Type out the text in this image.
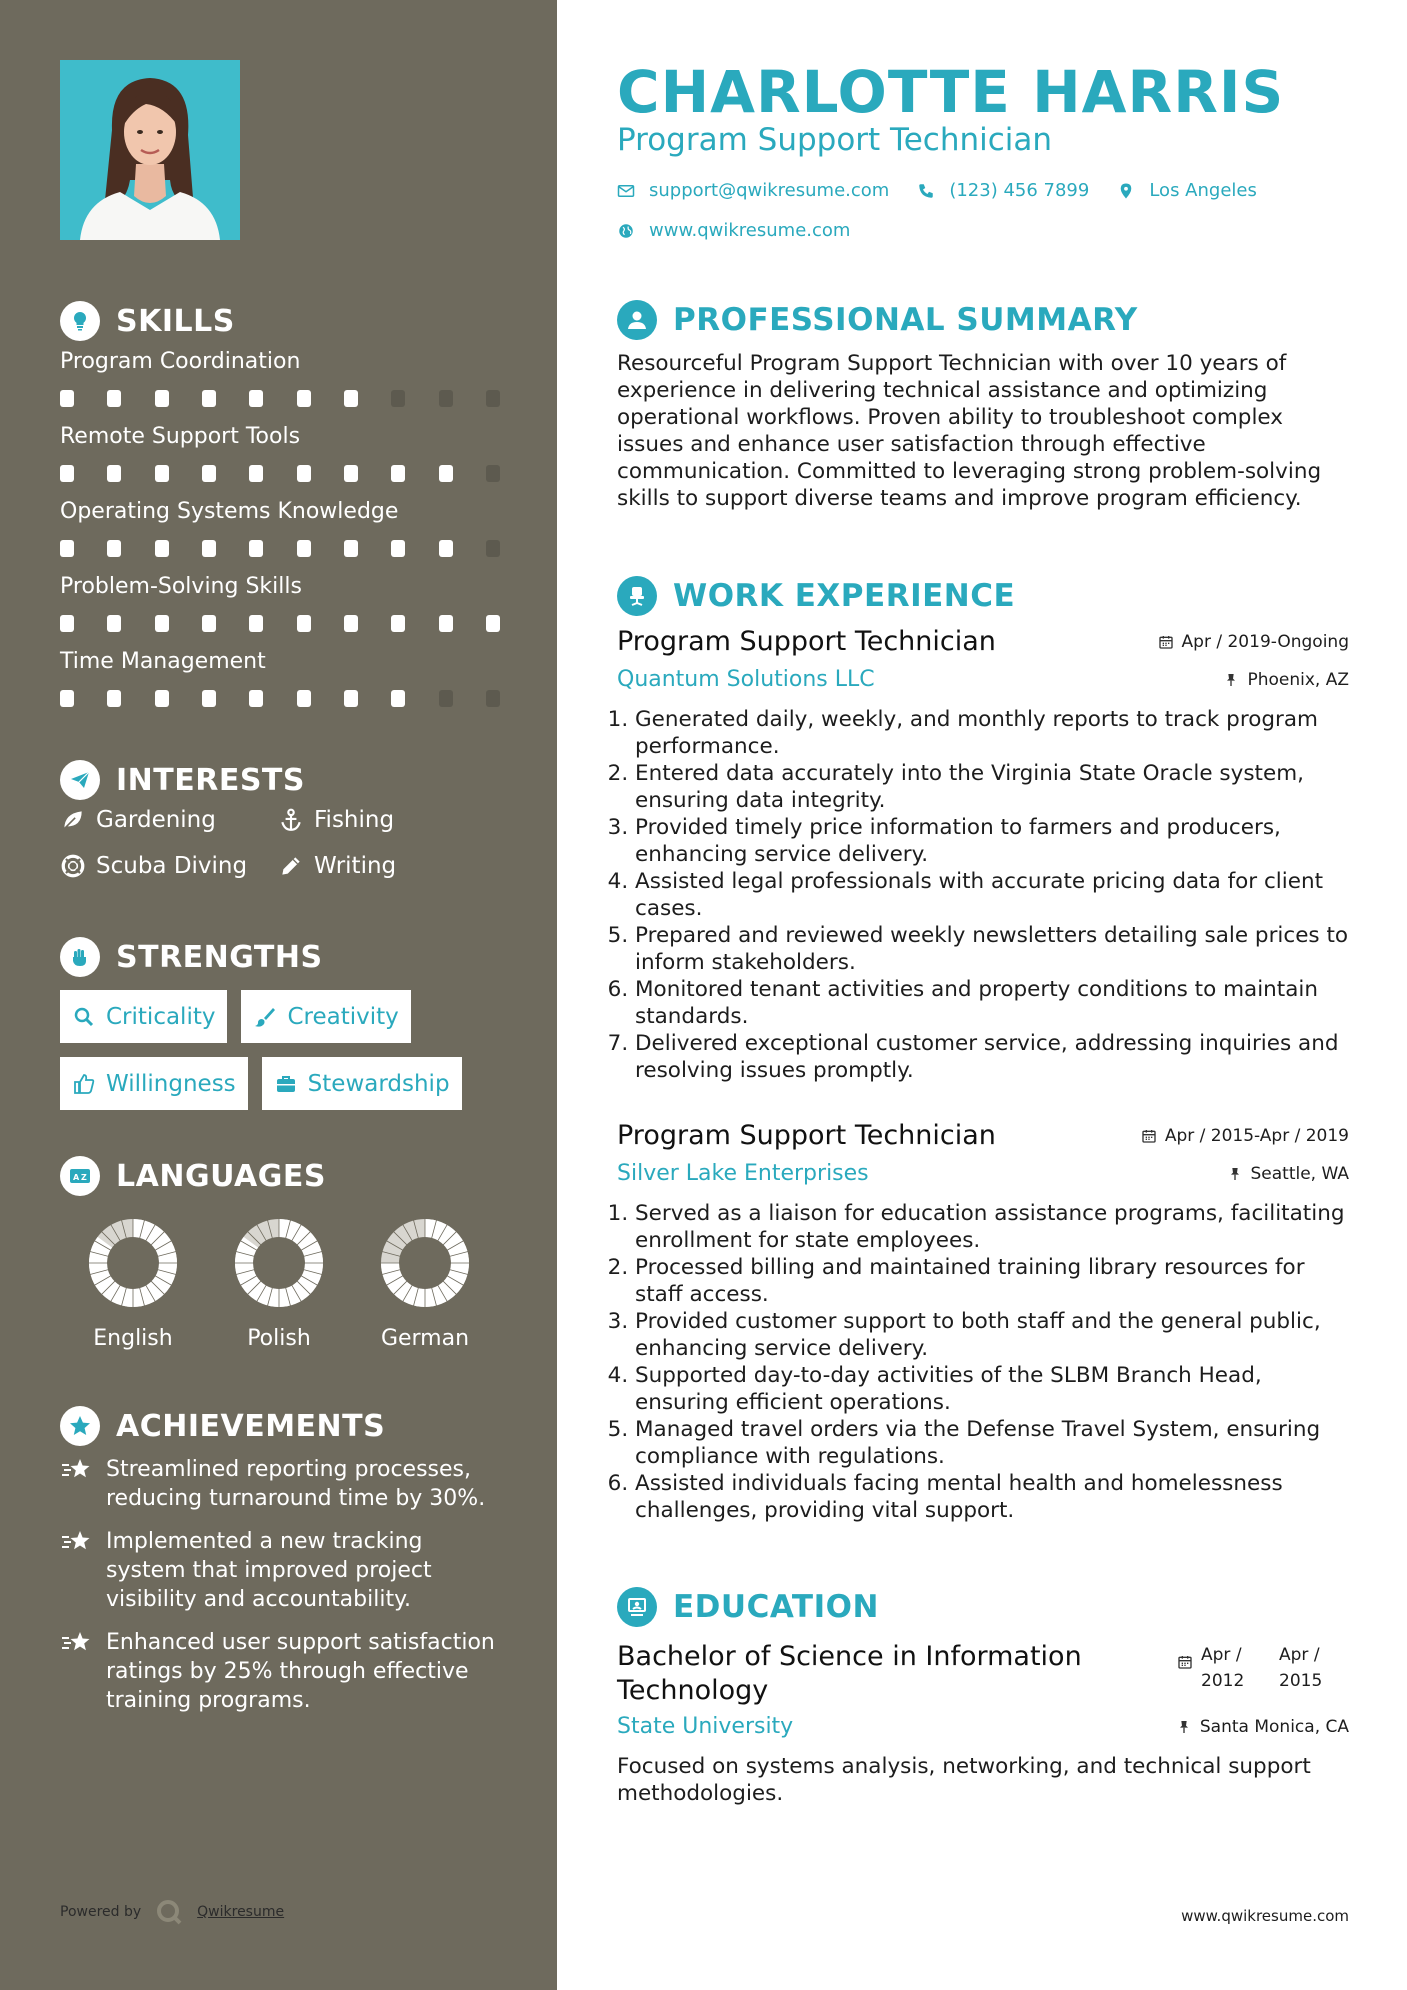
SKILLS
Program Coordination
Remote Support Tools
Operating Systems Knowledge
Problem-Solving Skills
Time Management
INTERESTS
Gardening	Fishing
Scuba Diving	Writing
STRENGTHS
Criticality	Creativity
Willingness	Stewardship
A Z LANGUAGES
English	Polish	German
ACHIEVEMENTS
Streamlined reporting processes, reducing turnaround time by 30%.
Implemented a new tracking system that improved project visibility and accountability.
Enhanced user support satisfaction ratings by 25% through effective training programs.
Powered by	Qwikresume
CHARLOTTE HARRIS
Program Support Technician
support@qwikresume.com	(123) 456 7899	Los Angeles
www.qwikresume.com
PROFESSIONAL SUMMARY
Resourceful Program Support Technician with over 10 years of experience in delivering technical assistance and optimizing operational workflows. Proven ability to troubleshoot complex issues and enhance user satisfaction through effective communication. Committed to leveraging strong problem-solving skills to support diverse teams and improve program efficiency.
WORK EXPERIENCE
Program Support Technician	Apr / 2019-Ongoing
Quantum Solutions LLC	Phoenix, AZ
1. Generated daily, weekly, and monthly reports to track program performance.
2. Entered data accurately into the Virginia State Oracle system, ensuring data integrity.
3. Provided timely price information to farmers and producers, enhancing service delivery.
4. Assisted legal professionals with accurate pricing data for client cases.
5. Prepared and reviewed weekly newsletters detailing sale prices to inform stakeholders.
6. Monitored tenant activities and property conditions to maintain standards.
7. Delivered exceptional customer service, addressing inquiries and resolving issues promptly.
Program Support Technician	Apr / 2015-Apr / 2019
Silver Lake Enterprises	Seattle, WA
1. Served as a liaison for education assistance programs, facilitating enrollment for state employees.
2. Processed billing and maintained training library resources for staff access.
3. Provided customer support to both staff and the general public, enhancing service delivery.
4. Supported day-to-day activities of the SLBM Branch Head, ensuring efficient operations.
5. Managed travel orders via the Defense Travel System, ensuring compliance with regulations.
6. Assisted individuals facing mental health and homelessness challenges, providing vital support.
EDUCATION
Bachelor of Science in Information Technology
Apr / 2012
Apr / 2015
State University	Santa Monica, CA
Focused on systems analysis, networking, and technical support methodologies.
www.qwikresume.com
